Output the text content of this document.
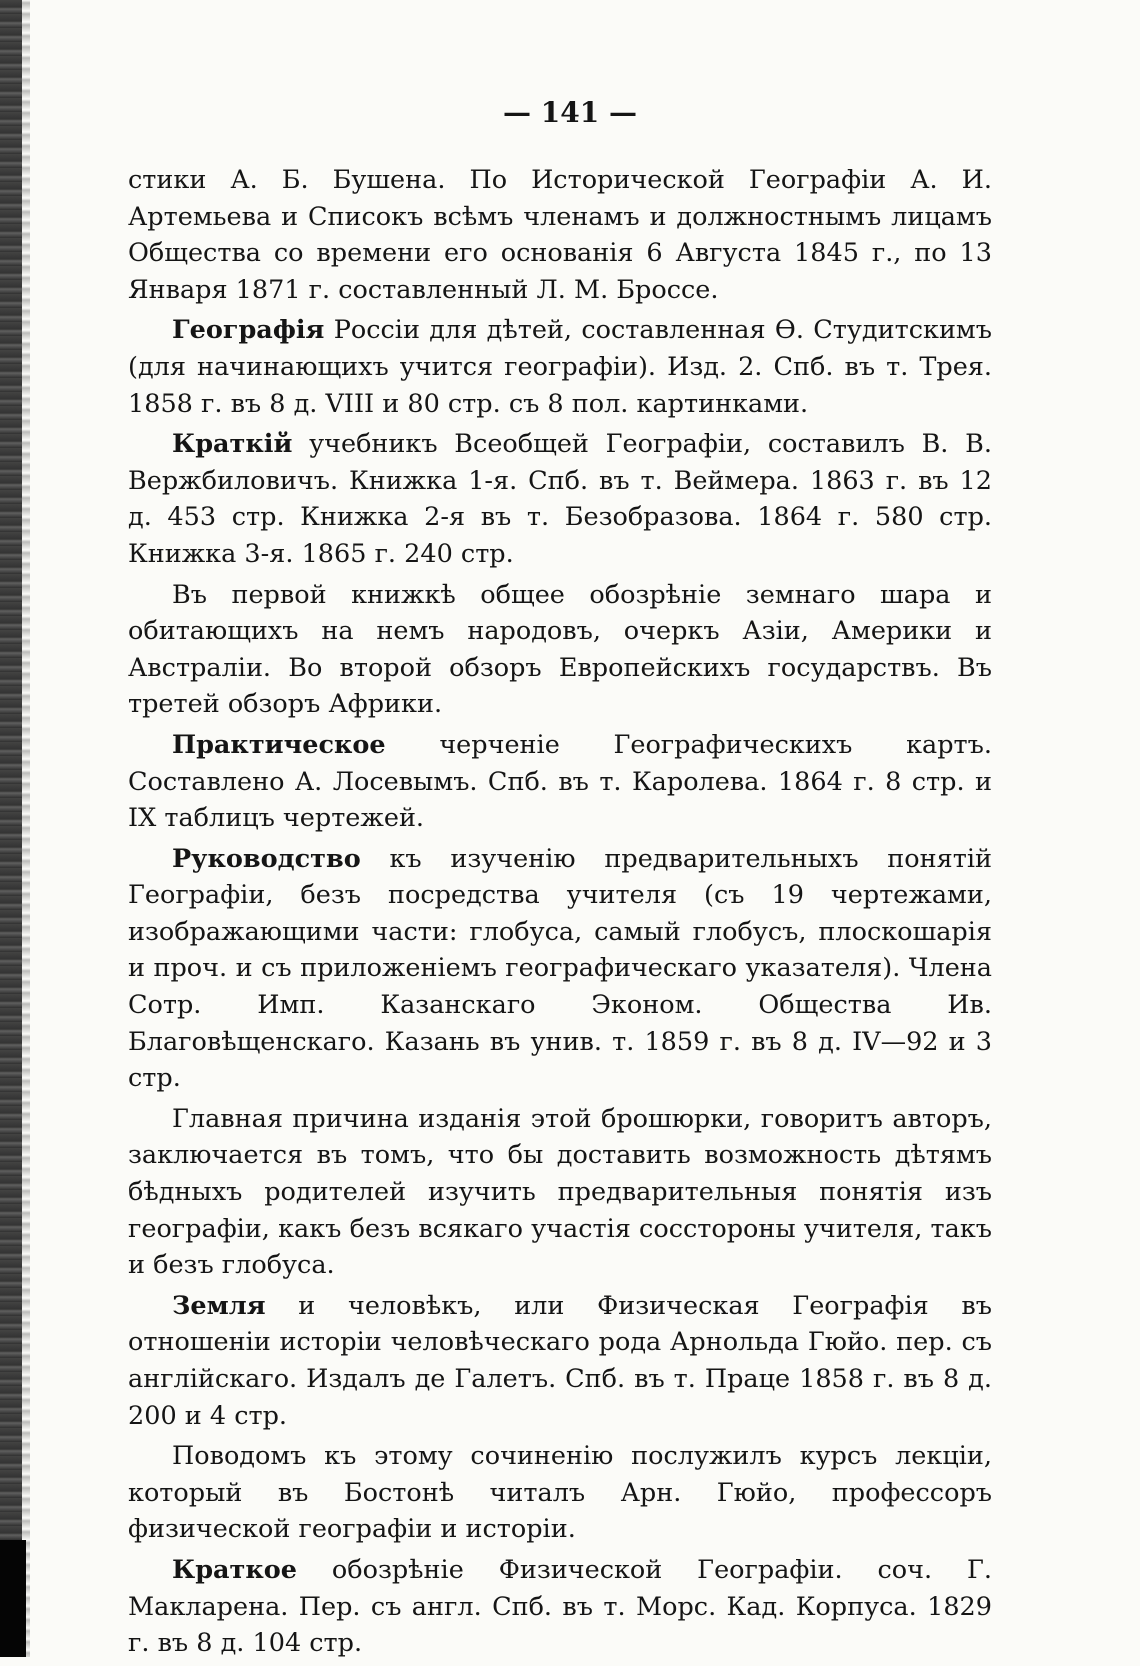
— 141 —

стики А. Б. Бушена. По Исторической Географіи А. И. Артемьева и Списокъ всѣмъ членамъ и должностнымъ лицамъ Общества со времени его основанія 6 Августа 1845 г., по 13 Января 1871 г. составленный Л. М. Броссе.

Географія Россіи для дѣтей, составленная Ѳ. Студитскимъ (для начинающихъ учится географіи). Изд. 2. Спб. въ т. Трея. 1858 г. въ 8 д. VIII и 80 стр. съ 8 пол. картинками.

Краткій учебникъ Всеобщей Географіи, составилъ В. В. Вержбиловичъ. Книжка 1-я. Спб. въ т. Веймера. 1863 г. въ 12 д. 453 стр. Книжка 2-я въ т. Безобразова. 1864 г. 580 стр. Книжка 3-я. 1865 г. 240 стр.

Въ первой книжкѣ общее обозрѣніе земнаго шара и обитающихъ на немъ народовъ, очеркъ Азіи, Америки и Австраліи. Во второй обзоръ Европейскихъ государствъ. Въ третей обзоръ Африки.

Практическое черченіе Географическихъ картъ. Составлено А. Лосевымъ. Спб. въ т. Каролева. 1864 г. 8 стр. и IX таблицъ чертежей.

Руководство къ изученію предварительныхъ понятій Географіи, безъ посредства учителя (съ 19 чертежами, изображающими части: глобуса, самый глобусъ, плоскошарія и проч. и съ приложеніемъ географическаго указателя). Члена Сотр. Имп. Казанскаго Эконом. Общества Ив. Благовѣщенскаго. Казань въ унив. т. 1859 г. въ 8 д. IV—92 и 3 стр.

Главная причина изданія этой брошюрки, говоритъ авторъ, заключается въ томъ, что бы доставить возможность дѣтямъ бѣдныхъ родителей изучить предварительныя понятія изъ географіи, какъ безъ всякаго участія сосстороны учителя, такъ и безъ глобуса.

Земля и человѣкъ, или Физическая Географія въ отношеніи исторіи человѣческаго рода Арнольда Гюйо. пер. съ англійскаго. Издалъ де Галетъ. Спб. въ т. Праце 1858 г. въ 8 д. 200 и 4 стр.

Поводомъ къ этому сочиненію послужилъ курсъ лекціи, который въ Бостонѣ читалъ Арн. Гюйо, профессоръ физической географіи и исторіи.

Краткое обозрѣніе Физической Географіи. соч. Г. Макларена. Пер. съ англ. Спб. въ т. Морс. Кад. Корпуса. 1829 г. въ 8 д. 104 стр.
